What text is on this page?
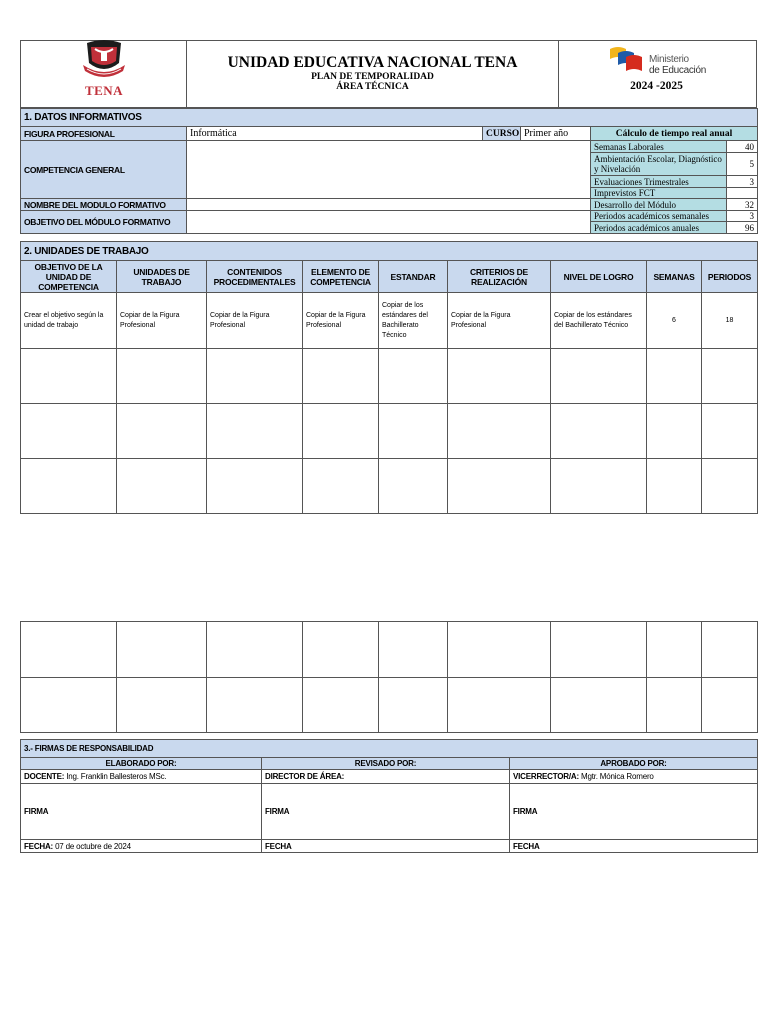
TENA
UNIDAD EDUCATIVA NACIONAL TENA
PLAN DE TEMPORALIDAD
ÁREA TÉCNICA
Ministerio
de Educación
2024 -2025
1. DATOS INFORMATIVOS					
FIGURA PROFESIONAL	Informática	CURSO	Primer año	Cálculo de tiempo real anual	
COMPETENCIA GENERAL				Semanas Laborales	40
				Ambientación Escolar, Diagnóstico y Nivelación	5
				Evaluaciones Trimestrales	3
				Imprevistos FCT	
NOMBRE DEL MODULO FORMATIVO				Desarrollo del Módulo	32
OBJETIVO DEL MÓDULO FORMATIVO				Periodos académicos semanales	3
				Periodos académicos anuales	96
2. UNIDADES DE TRABAJO								
OBJETIVO DE LA UNIDAD DE COMPETENCIA	UNIDADES DE TRABAJO	CONTENIDOS PROCEDIMENTALES	ELEMENTO DE COMPETENCIA	ESTANDAR	CRITERIOS DE REALIZACIÓN	NIVEL DE LOGRO	SEMANAS	PERIODOS
Crear el objetivo según la unidad de trabajo	Copiar de la Figura Profesional	Copiar de la Figura Profesional	Copiar de la Figura Profesional	Copiar de los estándares del Bachillerato Técnico	Copiar de la Figura Profesional	Copiar de los estándares del Bachillerato Técnico	6	18

3.- FIRMAS DE RESPONSABILIDAD		
ELABORADO POR:	REVISADO POR:	APROBADO POR:
DOCENTE: Ing. Franklin Ballesteros MSc.	DIRECTOR DE ÁREA:	VICERRECTOR/A: Mgtr. Mónica Romero
FIRMA	FIRMA	FIRMA
FECHA: 07 de octubre de 2024	FECHA	FECHA
